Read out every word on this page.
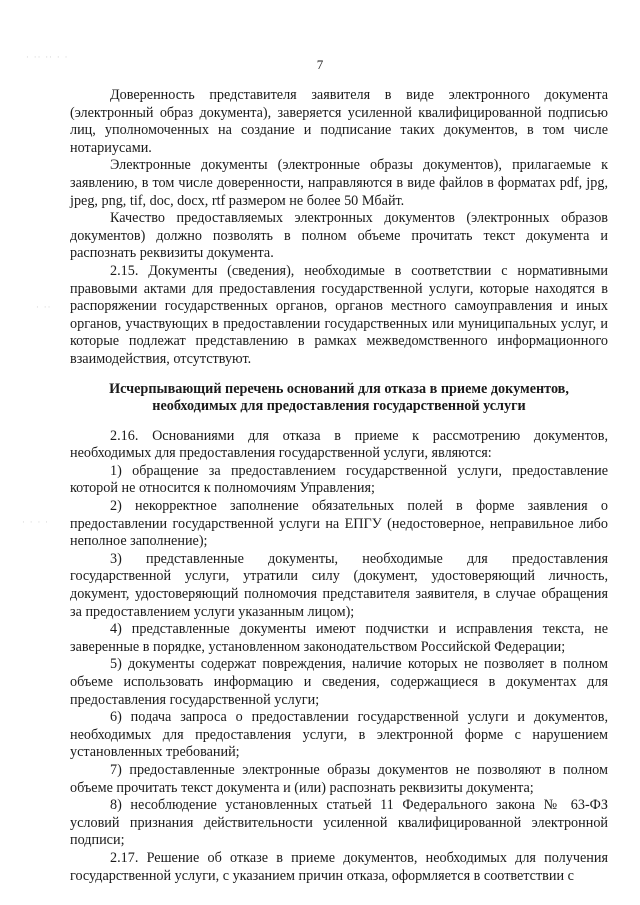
· ·· ·· · ·
· ··
· · · ·
7

Доверенность представителя заявителя в виде электронного документа (электронный образ документа), заверяется усиленной квалифицированной подписью лиц, уполномоченных на создание и подписание таких документов, в том числе нотариусами.

Электронные документы (электронные образы документов), прилагаемые к заявлению, в том числе доверенности, направляются в виде файлов в форматах pdf, jpg, jpeg, png, tif, doc, docx, rtf размером не более 50 Мбайт.

Качество предоставляемых электронных документов (электронных образов документов) должно позволять в полном объеме прочитать текст документа и распознать реквизиты документа.

2.15. Документы (сведения), необходимые в соответствии с нормативными правовыми актами для предоставления государственной услуги, которые находятся в распоряжении государственных органов, органов местного самоуправления и иных органов, участвующих в предоставлении государственных или муниципальных услуг, и которые подлежат представлению в рамках межведомственного информационного взаимодействия, отсутствуют.

Исчерпывающий перечень оснований для отказа в приеме документов,
необходимых для предоставления государственной услуги

2.16. Основаниями для отказа в приеме к рассмотрению документов, необходимых для предоставления государственной услуги, являются:

1) обращение за предоставлением государственной услуги, предоставление которой не относится к полномочиям Управления;

2) некорректное заполнение обязательных полей в форме заявления о предоставлении государственной услуги на ЕПГУ (недостоверное, неправильное либо неполное заполнение);

3) представленные документы, необходимые для предоставления государственной услуги, утратили силу (документ, удостоверяющий личность, документ, удостоверяющий полномочия представителя заявителя, в случае обращения за предоставлением услуги указанным лицом);

4) представленные документы имеют подчистки и исправления текста, не заверенные в порядке, установленном законодательством Российской Федерации;

5) документы содержат повреждения, наличие которых не позволяет в полном объеме использовать информацию и сведения, содержащиеся в документах для предоставления государственной услуги;

6) подача запроса о предоставлении государственной услуги и документов, необходимых для предоставления услуги, в электронной форме с нарушением установленных требований;

7) предоставленные электронные образы документов не позволяют в полном объеме прочитать текст документа и (или) распознать реквизиты документа;

8) несоблюдение установленных статьей 11 Федерального закона № 63-ФЗ условий признания действительности усиленной квалифицированной электронной подписи;

2.17. Решение об отказе в приеме документов, необходимых для получения государственной услуги, с указанием причин отказа, оформляется в соответствии с
